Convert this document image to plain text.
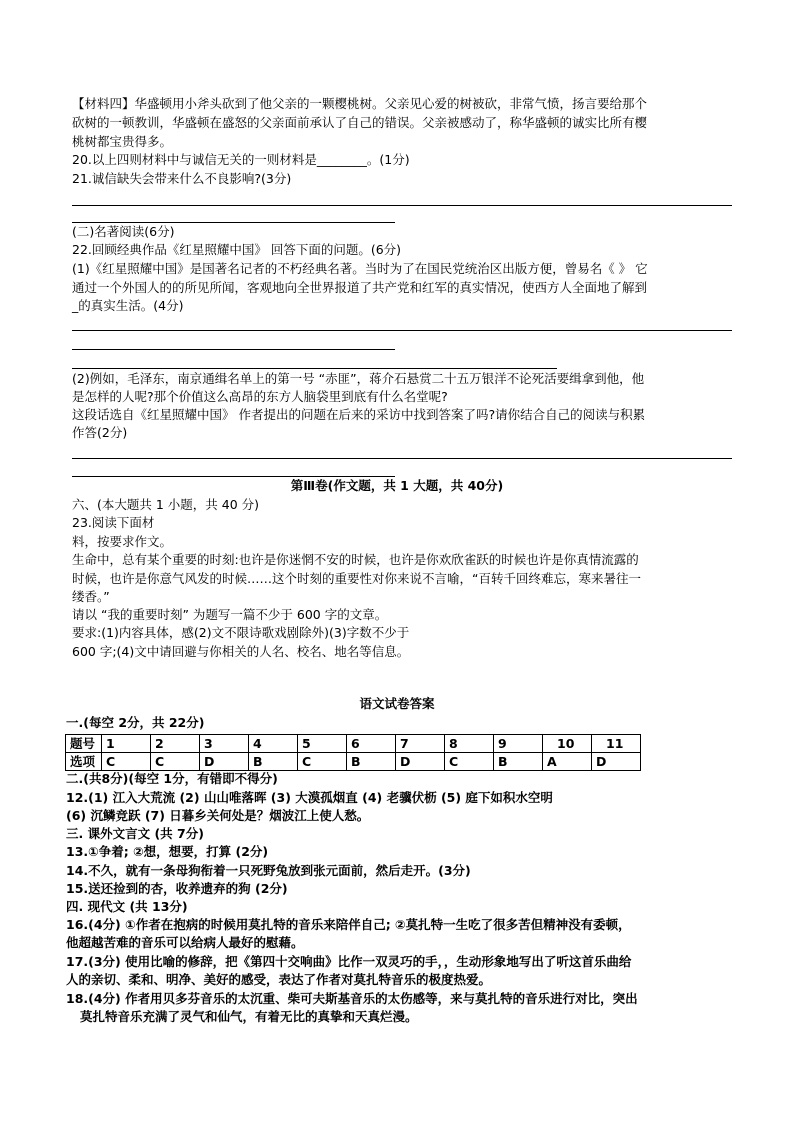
【材料四】华盛顿用小斧头砍到了他父亲的一颗樱桃树。父亲见心爱的树被砍，非常气愤，扬言要给那个
砍树的一顿教训，华盛顿在盛怒的父亲面前承认了自己的错误。父亲被感动了，称华盛顿的诚实比所有樱
桃树都宝贵得多。
20.以上四则材料中与诚信无关的一则材料是________。(1分)
21.诚信缺失会带来什么不良影响?(3分)
(二)名著阅读(6分)
22.回顾经典作品《红星照耀中国》 回答下面的问题。(6分)
(1)《红星照耀中国》是国著名记者的不朽经典名著。当时为了在国民党统治区出版方便，曾易名《 》 它
通过一个外国人的的所见所闻，客观地向全世界报道了共产党和红军的真实情况，使西方人全面地了解到
_的真实生活。(4分)
(2)例如，毛泽东，南京通缉名单上的第一号 “赤匪”，蒋介石悬赏二十五万银洋不论死活要缉拿到他，他
是怎样的人呢?那个价值这么高昂的东方人脑袋里到底有什么名堂呢?
这段话选自《红星照耀中国》 作者提出的问题在后来的采访中找到答案了吗?请你结合自己的阅读与积累
作答(2分)
第Ⅲ卷(作文题，共 1 大题，共 40分)
六、(本大题共 1 小题，共 40 分)
23.阅读下面材
料，按要求作文。
生命中，总有某个重要的时刻:也许是你迷惘不安的时候，也许是你欢欣雀跃的时候也许是你真情流露的
时候，也许是你意气风发的时候……这个时刻的重要性对你来说不言喻，“百转千回终难忘，寒来暑往一
缕香。”
请以 “我的重要时刻” 为题写一篇不少于 600 字的文章。
要求:(1)内容具体，感(2)文不限诗歌戏剧除外)(3)字数不少于
600 字;(4)文中请回避与你相关的人名、校名、地名等信息。
语文试卷答案
一.(每空 2分，共 22分)
题号	1	2	3	4	5	6	7	8	9	10	11
选项	C	C	D	B	C	B	D	C	B	A	D
二.(共8分)(每空 1分，有错即不得分)
12.(1) 江入大荒流 (2) 山山唯落晖 (3) 大漠孤烟直 (4) 老骥伏枥 (5) 庭下如积水空明
(6) 沉鳞竞跃 (7) 日暮乡关何处是？烟波江上使人愁。
三. 课外文言文 (共 7分)
13.①争着; ②想，想要，打算 (2分)
14.不久，就有一条母狗衔着一只死野兔放到张元面前，然后走开。(3分)
15.送还捡到的杏，收养遗弃的狗 (2分)
四. 现代文 (共 13分)
16.(4分) ①作者在抱病的时候用莫扎特的音乐来陪伴自己; ②莫扎特一生吃了很多苦但精神没有委顿，
他超越苦难的音乐可以给病人最好的慰藉。
17.(3分) 使用比喻的修辞，把《第四十交响曲》比作一双灵巧的手，，生动形象地写出了听这首乐曲给
人的亲切、柔和、明净、美好的感受，表达了作者对莫扎特音乐的极度热爱。
18.(4分) 作者用贝多芬音乐的太沉重、柴可夫斯基音乐的太伤感等，来与莫扎特的音乐进行对比，突出
莫扎特音乐充满了灵气和仙气，有着无比的真挚和天真烂漫。
